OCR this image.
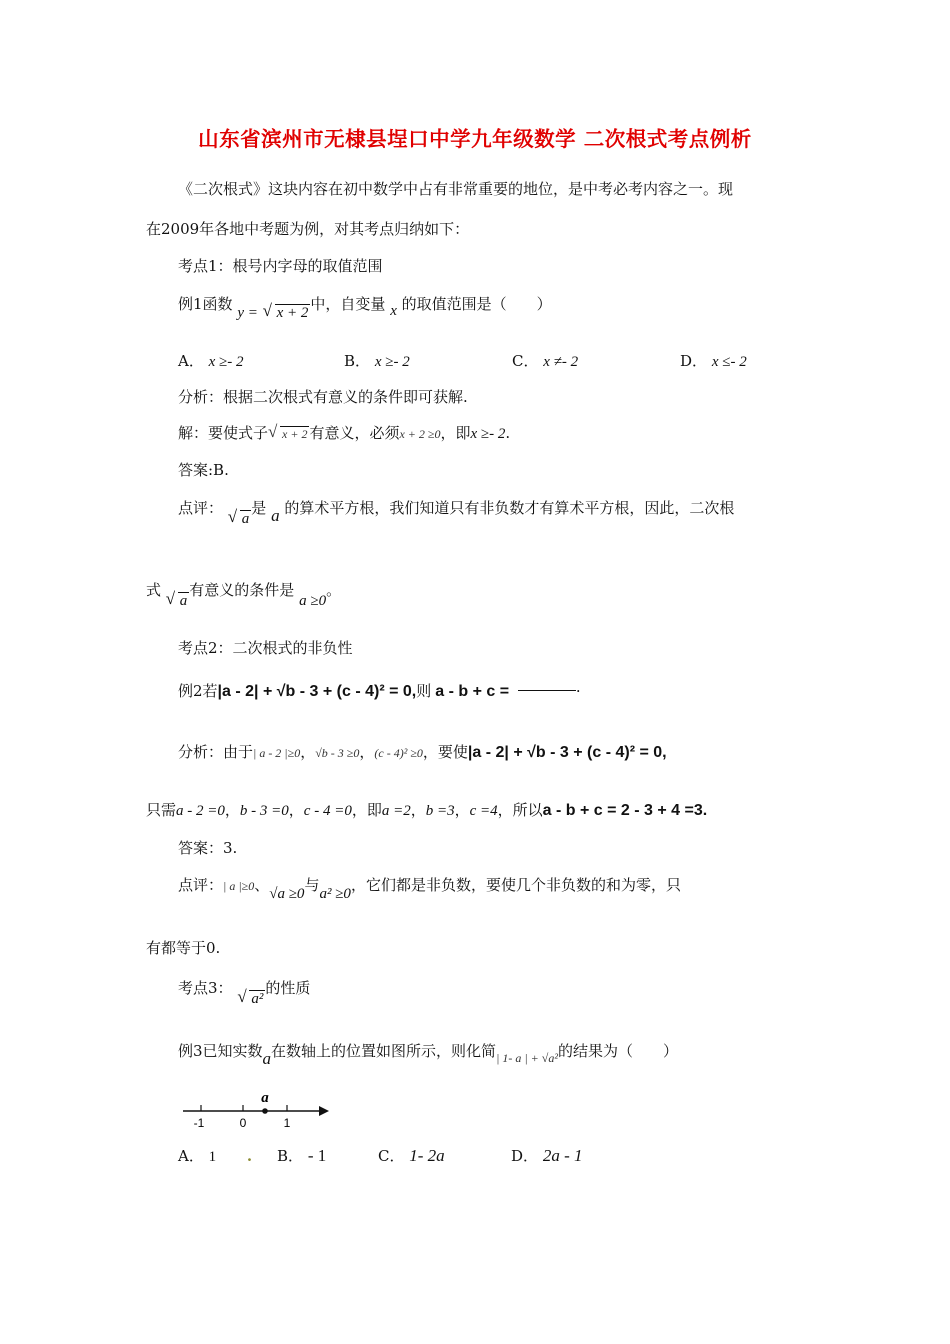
山东省滨州市无棣县埕口中学九年级数学 二次根式考点例析
《二次根式》这块内容在初中数学中占有非常重要的地位，是中考必考内容之一。现
在2009年各地中考题为例，对其考点归纳如下：
考点1：根号内字母的取值范围
例1函数 y = √ x + 2 中，自变量 x 的取值范围是（　　）
A． x ≥- 2	B． x ≥- 2	C． x ≠- 2	D． x ≤- 2
分析：根据二次根式有意义的条件即可获解.
解：要使式子 √ x + 2 有意义，必须x + 2 ≥0，即x ≥- 2.
答案:B.
点评： √ a是 a 的算术平方根，我们知道只有非负数才有算术平方根，因此，二次根
式 √ a有意义的条件是 a ≥0。
考点2：二次根式的非负性
例2若|a - 2| + √b - 3 + (c - 4)² = 0,则 a - b + c =	·
分析：由于| a - 2 |≥0，√b - 3 ≥0，(c - 4)² ≥0，要使|a - 2| + √b - 3 + (c - 4)² = 0,
只需a - 2 =0，b - 3 =0，c - 4 =0，即a =2，b =3，c =4，所以a - b + c = 2 - 3 + 4 =3.
答案：3.
点评：| a |≥0、√a ≥0与a² ≥0，它们都是非负数，要使几个非负数的和为零，只
有都等于0.
考点3： √ a²的性质
例3已知实数a在数轴上的位置如图所示，则化简$_{| 1- a | + √a^2}$的结果为（　　）
a
-1	0	1
A． 1 . B． - 1	C． 1- 2a	D． 2a - 1
